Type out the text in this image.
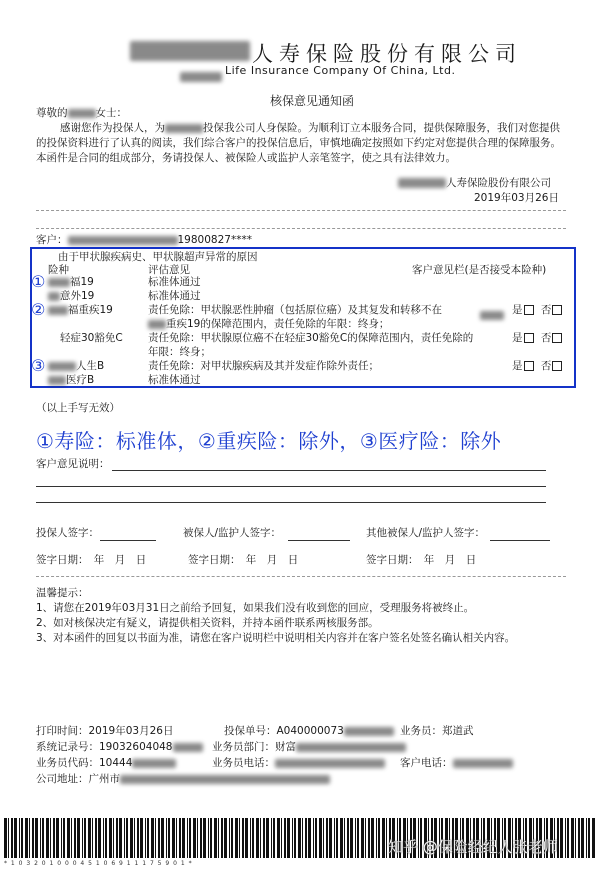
人寿保险股份有限公司
Life Insurance Company Of China, Ltd.
核保意见通知函
尊敬的	女士：
感谢您作为投保人，为	投保我公司人身保险。为顺利订立本服务合同，提供保障服务，我们对您提供的投保资料进行了认真的阅读，我们综合客户的投保信息后，审慎地确定按照如下约定对您提供合理的保障服务。本函件是合同的组成部分，务请投保人、被保险人或监护人亲笔签字，使之具有法律效力。
人寿保险股份有限公司
2019年03月26日
客户：	19800827****
由于甲状腺疾病史、甲状腺超声异常的原因
险种	评估意见	客户意见栏(是否接受本险种)
①	福19	标准体通过
意外19	标准体通过
②	福重疾19	责任免除：甲状腺恶性肿瘤（包括原位癌）及其复发和转移不在	是 否
重疾19的保障范围内，责任免除的年限：终身；
轻症30豁免C 责任免除：甲状腺原位癌不在轻症30豁免C的保障范围内，责任免除的	是 否
年限：终身；
③	人生B	责任免除：对甲状腺疾病及其并发症作除外责任；	是 否
医疗B	标准体通过
（以上手写无效）
①寿险：标准体，②重疾险：除外，③医疗险：除外
客户意见说明：
投保人签字：	被保人/监护人签字：	其他被保人/监护人签字：
签字日期：　 年　月　日	签字日期：　 年　月　日	签字日期：　 年　月　日
温馨提示：
1、请您在2019年03月31日之前给予回复，如果我们没有收到您的回应，受理服务将被终止。
2、如对核保决定有疑义，请提供相关资料，并持本函件联系两核服务部。
3、对本函件的回复以书面为准，请您在客户说明栏中说明相关内容并在客户签名处签名确认相关内容。
打印时间：2019年03月26日	投保单号：A040000073	业务员：郑道武
系统记录号：19032604048	业务员部门：财富
业务员代码：10444	业务员电话：	客户电话：
公司地址：广州市
* 1 0 3 2 0 1 0 0 0 4 5 1 0 6 9 1 1 1 7 5 9 0 1 *
知乎 @保险经纪人张老师
